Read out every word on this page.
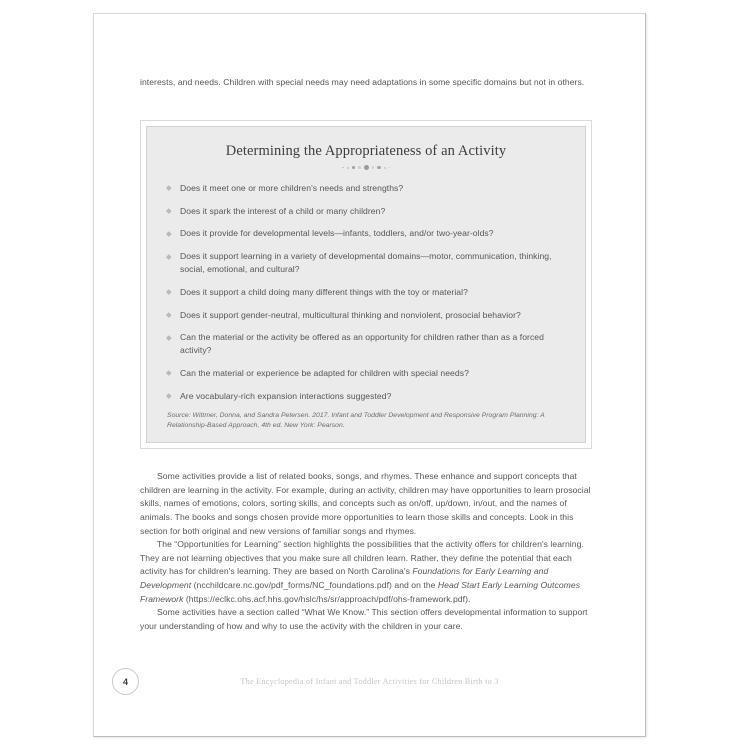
interests, and needs. Children with special needs may need adaptations in some specific domains but not in others.

Determining the Appropriateness of an Activity
Does it meet one or more children's needs and strengths?
Does it spark the interest of a child or many children?
Does it provide for developmental levels—infants, toddlers, and/or two-year-olds?
Does it support learning in a variety of developmental domains—motor, communication, thinking, social, emotional, and cultural?
Does it support a child doing many different things with the toy or material?
Does it support gender-neutral, multicultural thinking and nonviolent, prosocial behavior?
Can the material or the activity be offered as an opportunity for children rather than as a forced activity?
Can the material or experience be adapted for children with special needs?
Are vocabulary-rich expansion interactions suggested?
Source: Wittmer, Donna, and Sandra Petersen. 2017. Infant and Toddler Development and Responsive Program Planning: A Relationship-Based Approach, 4th ed. New York: Pearson.

Some activities provide a list of related books, songs, and rhymes. These enhance and support concepts that children are learning in the activity. For example, during an activity, children may have opportunities to learn prosocial skills, names of emotions, colors, sorting skills, and concepts such as on/off, up/down, in/out, and the names of animals. The books and songs chosen provide more opportunities to learn those skills and concepts. Look in this section for both original and new versions of familiar songs and rhymes.

The “Opportunities for Learning” section highlights the possibilities that the activity offers for children's learning. They are not learning objectives that you make sure all children learn. Rather, they define the potential that each activity has for children's learning. They are based on North Carolina's Foundations for Early Learning and Development (ncchildcare.nc.gov/pdf_forms/NC_foundations.pdf) and on the Head Start Early Learning Outcomes Framework (https://eclkc.ohs.acf.hhs.gov/hslc/hs/sr/approach/pdf/ohs-framework.pdf).

Some activities have a section called “What We Know.” This section offers developmental information to support your understanding of how and why to use the activity with the children in your care.

4	The Encyclopedia of Infant and Toddler Activities for Children Birth to 3
